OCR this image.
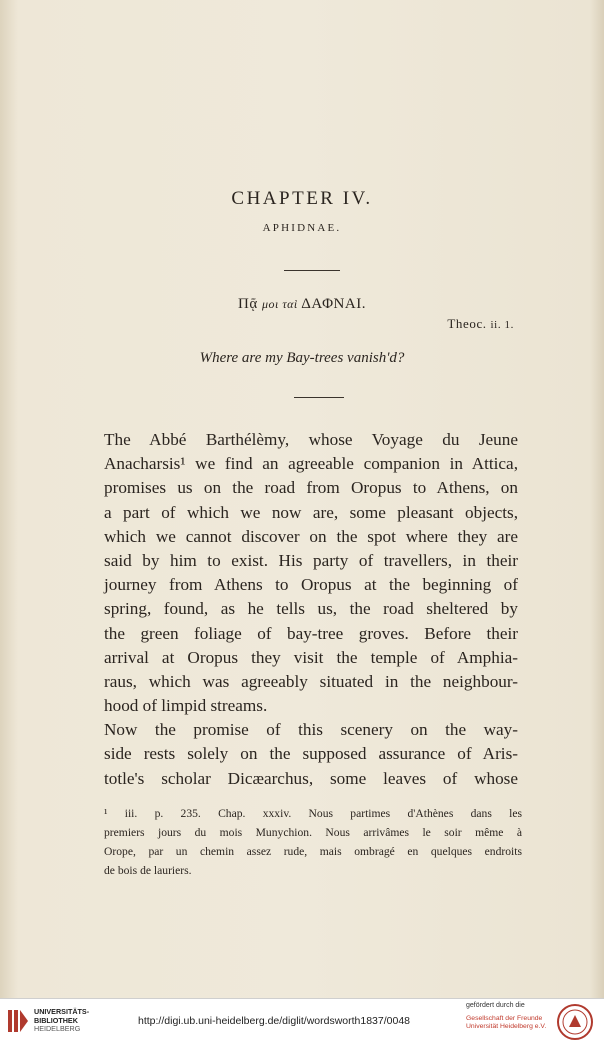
CHAPTER IV.
APHIDNAE.
Πᾷ μοι ταὶ ΔΑΦΝΑΙ.
Theoc. ii. 1.
Where are my Bay-trees vanish'd?
The Abbé Barthélèmy, whose Voyage du Jeune
Anacharsis¹ we find an agreeable companion in Attica,
promises us on the road from Oropus to Athens, on
a part of which we now are, some pleasant objects,
which we cannot discover on the spot where they are
said by him to exist. His party of travellers, in their
journey from Athens to Oropus at the beginning of
spring, found, as he tells us, the road sheltered by
the green foliage of bay-tree groves. Before their
arrival at Oropus they visit the temple of Amphia-
raus, which was agreeably situated in the neighbour-
hood of limpid streams.
Now the promise of this scenery on the way-
side rests solely on the supposed assurance of Aris-
totle's scholar Dicæarchus, some leaves of whose
¹ iii. p. 235. Chap. xxxiv. Nous partimes d'Athènes dans les
premiers jours du mois Munychion. Nous arrivâmes le soir même à
Orope, par un chemin assez rude, mais ombragé en quelques endroits
de bois de lauriers.
UNIVERSITÄTS-
BIBLIOTHEK
HEIDELBERG
http://digi.ub.uni-heidelberg.de/diglit/wordsworth1837/0048
gefördert durch die
Gesellschaft der Freunde
Universität Heidelberg e.V.
